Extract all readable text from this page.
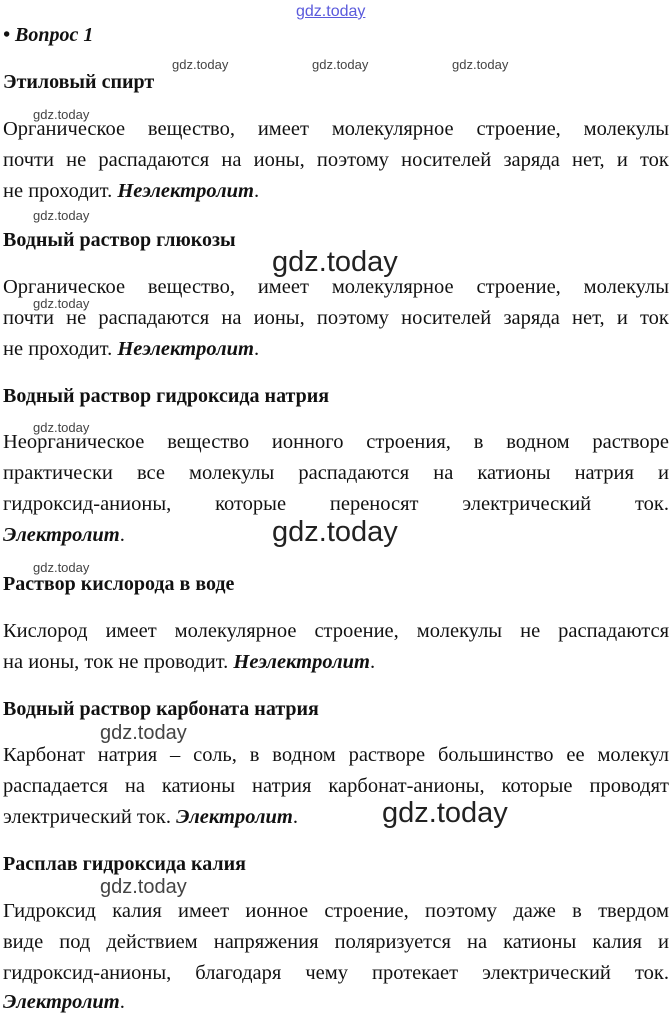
gdz.today
gdz.today	gdz.today	gdz.today
gdz.today
gdz.today
gdz.today
gdz.today
gdz.today
gdz.today
gdz.today
gdz.today
gdz.today
gdz.today
• Вопрос 1
Этиловый спирт
Органическое вещество, имеет молекулярное строение, молекулы
почти не распадаются на ионы, поэтому носителей заряда нет, и ток
не проходит. Неэлектролит.
Водный раствор глюкозы
Органическое вещество, имеет молекулярное строение, молекулы
почти не распадаются на ионы, поэтому носителей заряда нет, и ток
не проходит. Неэлектролит.
Водный раствор гидроксида натрия
Неорганическое вещество ионного строения, в водном растворе
практически все молекулы распадаются на катионы натрия и
гидроксид-анионы, которые переносят электрический ток.
Электролит.
Раствор кислорода в воде
Кислород имеет молекулярное строение, молекулы не распадаются
на ионы, ток не проводит. Неэлектролит.
Водный раствор карбоната натрия
Карбонат натрия – соль, в водном растворе большинство ее молекул
распадается на катионы натрия карбонат-анионы, которые проводят
электрический ток. Электролит.
Расплав гидроксида калия
Гидроксид калия имеет ионное строение, поэтому даже в твердом
виде под действием напряжения поляризуется на катионы калия и
гидроксид-анионы, благодаря чему протекает электрический ток.
Электролит.
